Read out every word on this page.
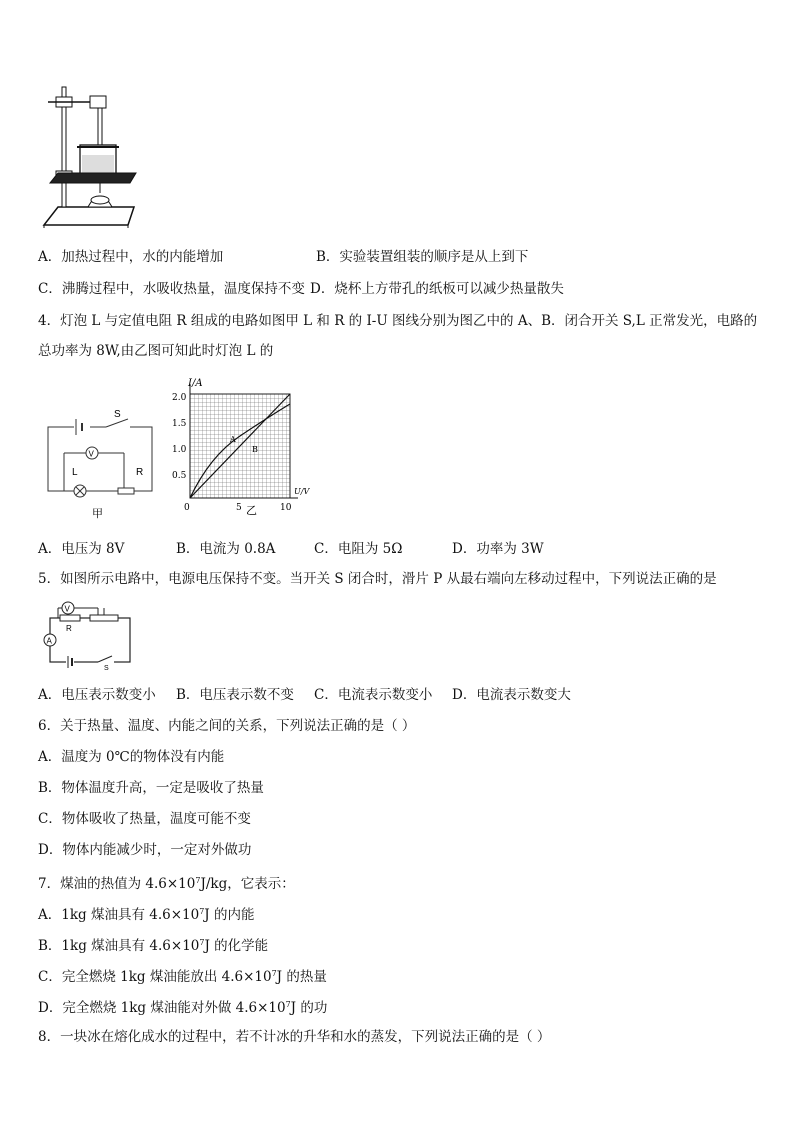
A．加热过程中，水的内能增加	B．实验装置组装的顺序是从上到下
C．沸腾过程中，水吸收热量，温度保持不变 D．烧杯上方带孔的纸板可以减少热量散失
4．灯泡 L 与定值电阻 R 组成的电路如图甲 L 和 R 的 I-U 图线分别为图乙中的 A、B．闭合开关 S,L 正常发光，电路的
总功率为 8W,由乙图可知此时灯泡 L 的
S
V
L	R
甲
I/A
U/V
2.0
1.5
1.0
0.5
0	5	10
A
B
乙
A．电压为 8V	B．电流为 0.8A	C．电阻为 5Ω	D．功率为 3W
5．如图所示电路中，电源电压保持不变。当开关 S 闭合时，滑片 P 从最右端向左移动过程中，下列说法正确的是
V
R
A
S
A．电压表示数变小 B．电压表示数不变 C．电流表示数变小 D．电流表示数变大
6．关于热量、温度、内能之间的关系，下列说法正确的是（ ）
A．温度为 0℃的物体没有内能
B．物体温度升高，一定是吸收了热量
C．物体吸收了热量，温度可能不变
D．物体内能减少时，一定对外做功
7．煤油的热值为 $4.6\times 10^7J/kg$，它表示：
A．1kg 煤油具有 $4.6\times 10^7J$ 的内能
B．1kg 煤油具有 $4.6\times 10^7J$ 的化学能
C．完全燃烧 1kg 煤油能放出 $4.6\times 10^7J$ 的热量
D．完全燃烧 1kg 煤油能对外做 $4.6\times 10^7J$ 的功
8．一块冰在熔化成水的过程中，若不计冰的升华和水的蒸发，下列说法正确的是（ ）
